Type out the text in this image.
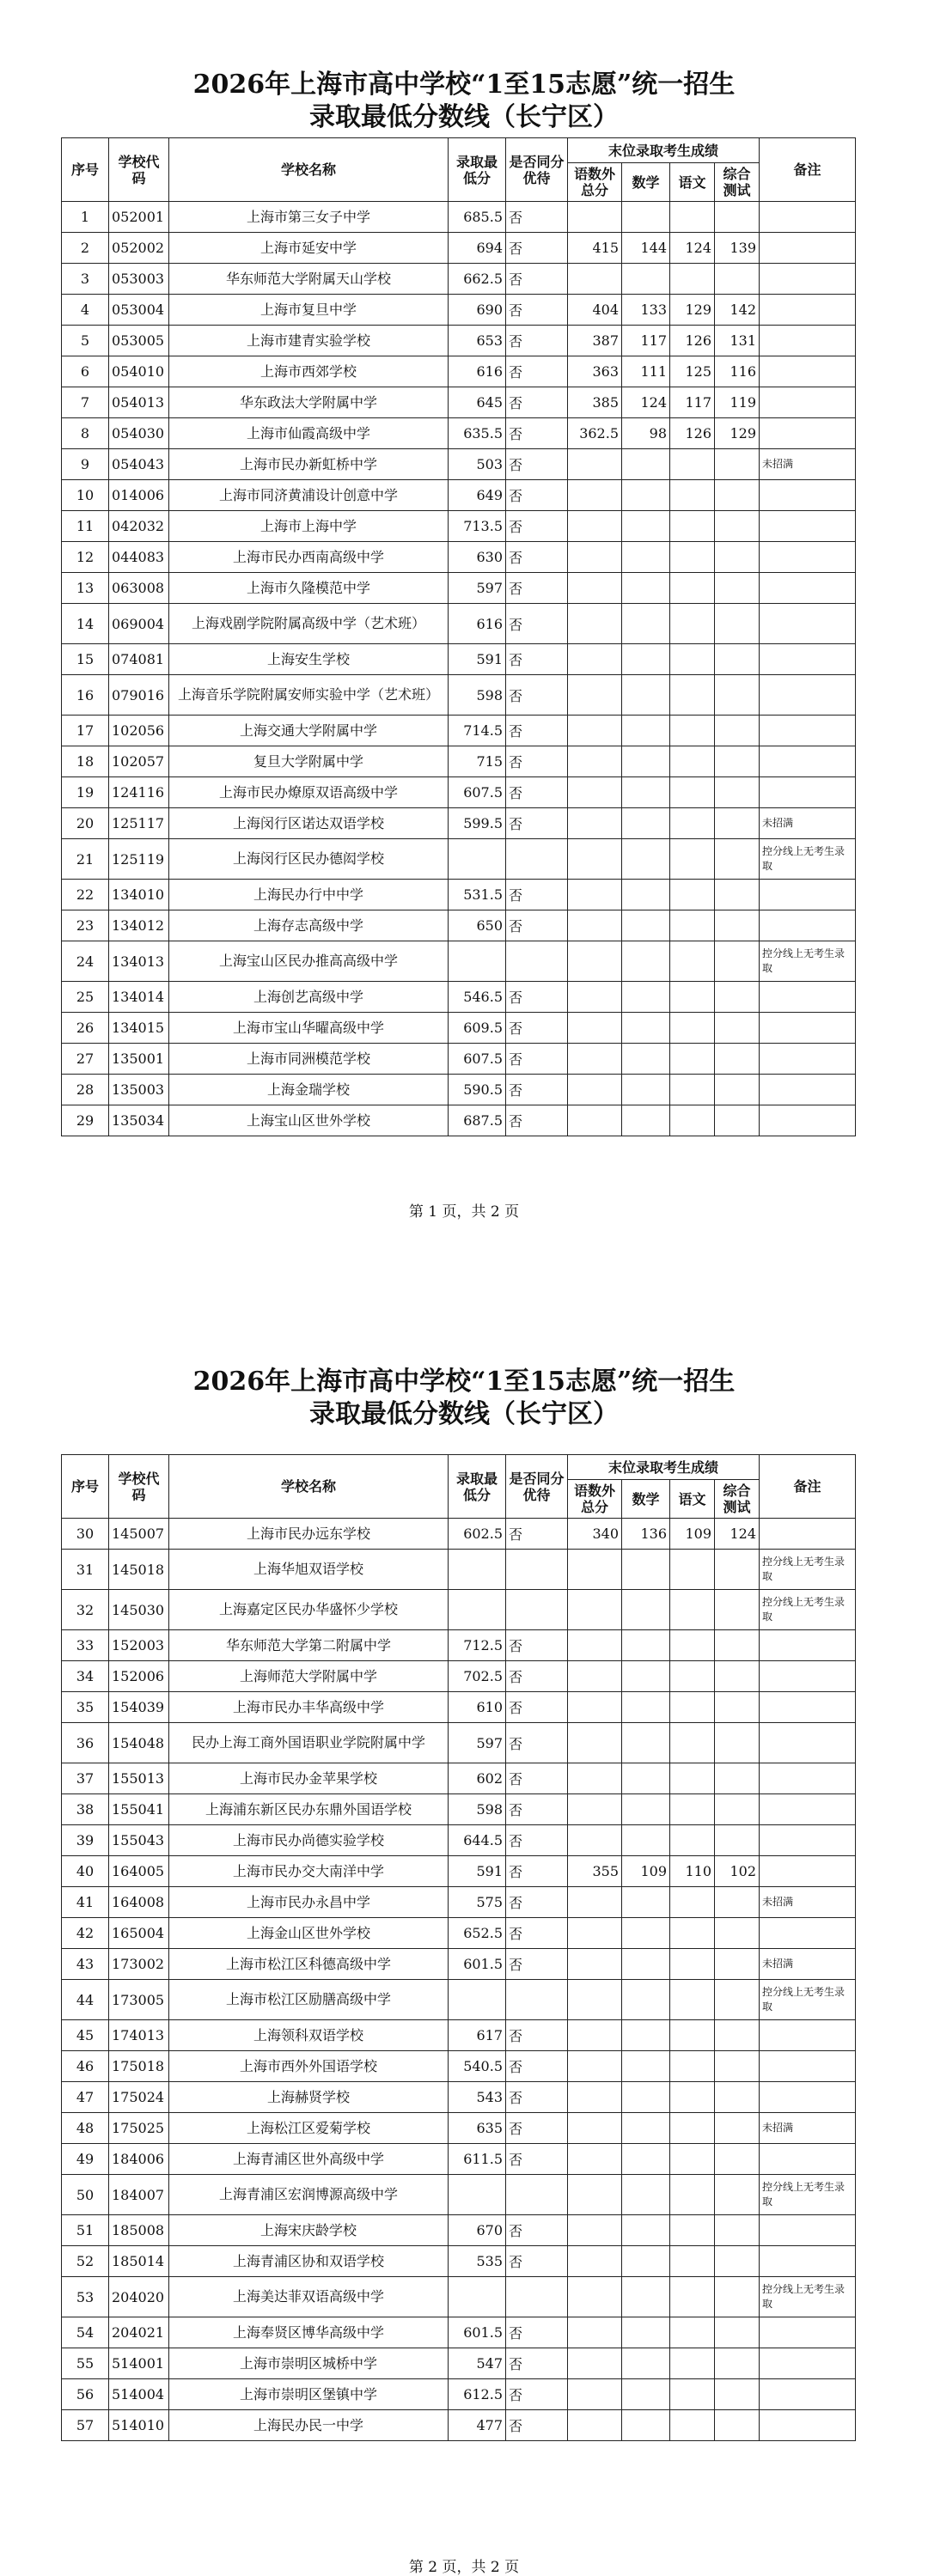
2026年上海市高中学校“1至15志愿”统一招生
录取最低分数线（长宁区）
序号	学校代码	学校名称	录取最低分	是否同分优待	末位录取考生成绩				备注
					语数外总分	数学	语文	综合测试	
1	052001	上海市第三女子中学	685.5	否					
2	052002	上海市延安中学	694	否	415	144	124	139	
3	053003	华东师范大学附属天山学校	662.5	否					
4	053004	上海市复旦中学	690	否	404	133	129	142	
5	053005	上海市建青实验学校	653	否	387	117	126	131	
6	054010	上海市西郊学校	616	否	363	111	125	116	
7	054013	华东政法大学附属中学	645	否	385	124	117	119	
8	054030	上海市仙霞高级中学	635.5	否	362.5	98	126	129	
9	054043	上海市民办新虹桥中学	503	否					未招满
10	014006	上海市同济黄浦设计创意中学	649	否					
11	042032	上海市上海中学	713.5	否					
12	044083	上海市民办西南高级中学	630	否					
13	063008	上海市久隆模范中学	597	否					
14	069004	上海戏剧学院附属高级中学（艺术班）	616	否					
15	074081	上海安生学校	591	否					
16	079016	上海音乐学院附属安师实验中学（艺术班）	598	否					
17	102056	上海交通大学附属中学	714.5	否					
18	102057	复旦大学附属中学	715	否					
19	124116	上海市民办燎原双语高级中学	607.5	否					
20	125117	上海闵行区诺达双语学校	599.5	否					未招满
21	125119	上海闵行区民办德闳学校							控分线上无考生录取
22	134010	上海民办行中中学	531.5	否					
23	134012	上海存志高级中学	650	否					
24	134013	上海宝山区民办推高高级中学							控分线上无考生录取
25	134014	上海创艺高级中学	546.5	否					
26	134015	上海市宝山华曜高级中学	609.5	否					
27	135001	上海市同洲模范学校	607.5	否					
28	135003	上海金瑞学校	590.5	否					
29	135034	上海宝山区世外学校	687.5	否					
第 1 页，共 2 页
2026年上海市高中学校“1至15志愿”统一招生
录取最低分数线（长宁区）
序号	学校代码	学校名称	录取最低分	是否同分优待	末位录取考生成绩				备注
					语数外总分	数学	语文	综合测试	
30	145007	上海市民办远东学校	602.5	否	340	136	109	124	
31	145018	上海华旭双语学校							控分线上无考生录取
32	145030	上海嘉定区民办华盛怀少学校							控分线上无考生录取
33	152003	华东师范大学第二附属中学	712.5	否					
34	152006	上海师范大学附属中学	702.5	否					
35	154039	上海市民办丰华高级中学	610	否					
36	154048	民办上海工商外国语职业学院附属中学	597	否					
37	155013	上海市民办金苹果学校	602	否					
38	155041	上海浦东新区民办东鼎外国语学校	598	否					
39	155043	上海市民办尚德实验学校	644.5	否					
40	164005	上海市民办交大南洋中学	591	否	355	109	110	102	
41	164008	上海市民办永昌中学	575	否					未招满
42	165004	上海金山区世外学校	652.5	否					
43	173002	上海市松江区科德高级中学	601.5	否					未招满
44	173005	上海市松江区励膳高级中学							控分线上无考生录取
45	174013	上海领科双语学校	617	否					
46	175018	上海市西外外国语学校	540.5	否					
47	175024	上海赫贤学校	543	否					
48	175025	上海松江区爱菊学校	635	否					未招满
49	184006	上海青浦区世外高级中学	611.5	否					
50	184007	上海青浦区宏润博源高级中学							控分线上无考生录取
51	185008	上海宋庆龄学校	670	否					
52	185014	上海青浦区协和双语学校	535	否					
53	204020	上海美达菲双语高级中学							控分线上无考生录取
54	204021	上海奉贤区博华高级中学	601.5	否					
55	514001	上海市崇明区城桥中学	547	否					
56	514004	上海市崇明区堡镇中学	612.5	否					
57	514010	上海民办民一中学	477	否					
第 2 页，共 2 页
